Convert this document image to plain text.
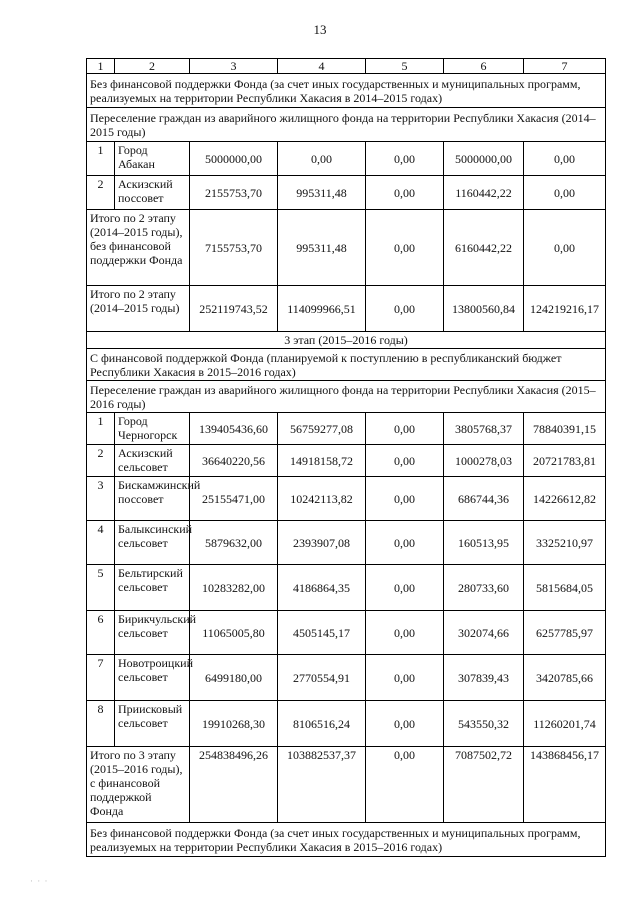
13
1	2	3	4	5	6	7
Без финансовой поддержки Фонда (за счет иных государственных и муниципальных программ, реализуемых на территории Республики Хакасия в 2014–2015 годах)						
Переселение граждан из аварийного жилищного фонда на территории Республики Хакасия (2014–2015 годы)						
1	Город Абакан	5000000,00	0,00	0,00	5000000,00	0,00
2	Аскизский поссовет	2155753,70	995311,48	0,00	1160442,22	0,00
Итого по 2 этапу (2014–2015 годы), без финансовой поддержки Фонда		7155753,70	995311,48	0,00	6160442,22	0,00
Итого по 2 этапу (2014–2015 годы)		252119743,52	114099966,51	0,00	13800560,84	124219216,17
3 этап (2015–2016 годы)						
С финансовой поддержкой Фонда (планируемой к поступлению в республиканский бюджет Республики Хакасия в 2015–2016 годах)						
Переселение граждан из аварийного жилищного фонда на территории Республики Хакасия (2015–2016 годы)						
1	Город Черногорск	139405436,60	56759277,08	0,00	3805768,37	78840391,15
2	Аскизский сельсовет	36640220,56	14918158,72	0,00	1000278,03	20721783,81
3	Бискамжинский поссовет	25155471,00	10242113,82	0,00	686744,36	14226612,82
4	Балыксинский сельсовет	5879632,00	2393907,08	0,00	160513,95	3325210,97
5	Бельтирский сельсовет	10283282,00	4186864,35	0,00	280733,60	5815684,05
6	Бирикчульский сельсовет	11065005,80	4505145,17	0,00	302074,66	6257785,97
7	Новотроицкий сельсовет	6499180,00	2770554,91	0,00	307839,43	3420785,66
8	Приисковый сельсовет	19910268,30	8106516,24	0,00	543550,32	11260201,74
Итого по 3 этапу (2015–2016 годы), с финансовой поддержкой Фонда		254838496,26	103882537,37	0,00	7087502,72	143868456,17
Без финансовой поддержки Фонда (за счет иных государственных и муниципальных программ, реализуемых на территории Республики Хакасия в 2015–2016 годах)						
· · ·
